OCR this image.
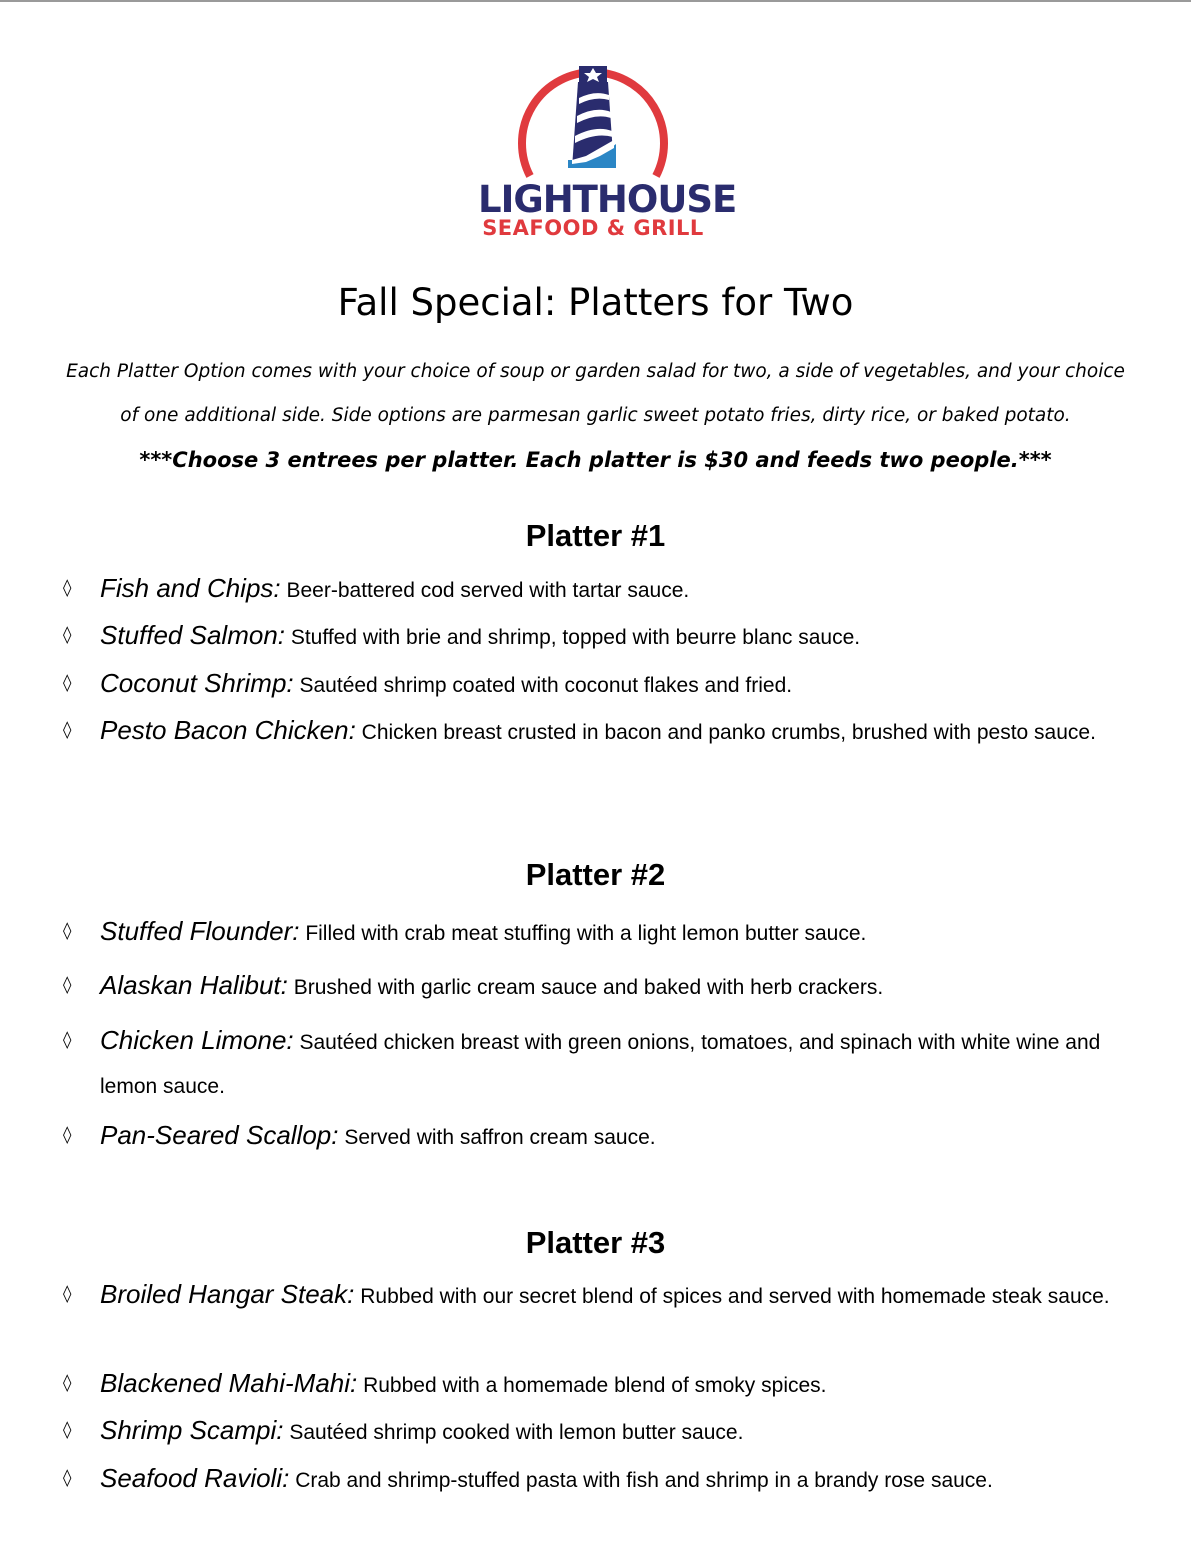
LIGHTHOUSE
SEAFOOD & GRILL
Fall Special: Platters for Two
Each Platter Option comes with your choice of soup or garden salad for two, a side of vegetables, and your choice of one additional side. Side options are parmesan garlic sweet potato fries, dirty rice, or baked potato.
***Choose 3 entrees per platter. Each platter is $30 and feeds two people.***
Platter #1
◊ Fish and Chips: Beer-battered cod served with tartar sauce.
◊ Stuffed Salmon: Stuffed with brie and shrimp, topped with beurre blanc sauce.
◊ Coconut Shrimp: Sautéed shrimp coated with coconut flakes and fried.
◊ Pesto Bacon Chicken: Chicken breast crusted in bacon and panko crumbs, brushed with pesto sauce.
Platter #2
◊ Stuffed Flounder: Filled with crab meat stuffing with a light lemon butter sauce.
◊ Alaskan Halibut: Brushed with garlic cream sauce and baked with herb crackers.
◊ Chicken Limone: Sautéed chicken breast with green onions, tomatoes, and spinach with white wine and lemon sauce.
◊ Pan-Seared Scallop: Served with saffron cream sauce.
Platter #3
◊ Broiled Hangar Steak: Rubbed with our secret blend of spices and served with homemade steak sauce.
◊ Blackened Mahi-Mahi: Rubbed with a homemade blend of smoky spices.
◊ Shrimp Scampi: Sautéed shrimp cooked with lemon butter sauce.
◊ Seafood Ravioli: Crab and shrimp-stuffed pasta with fish and shrimp in a brandy rose sauce.
